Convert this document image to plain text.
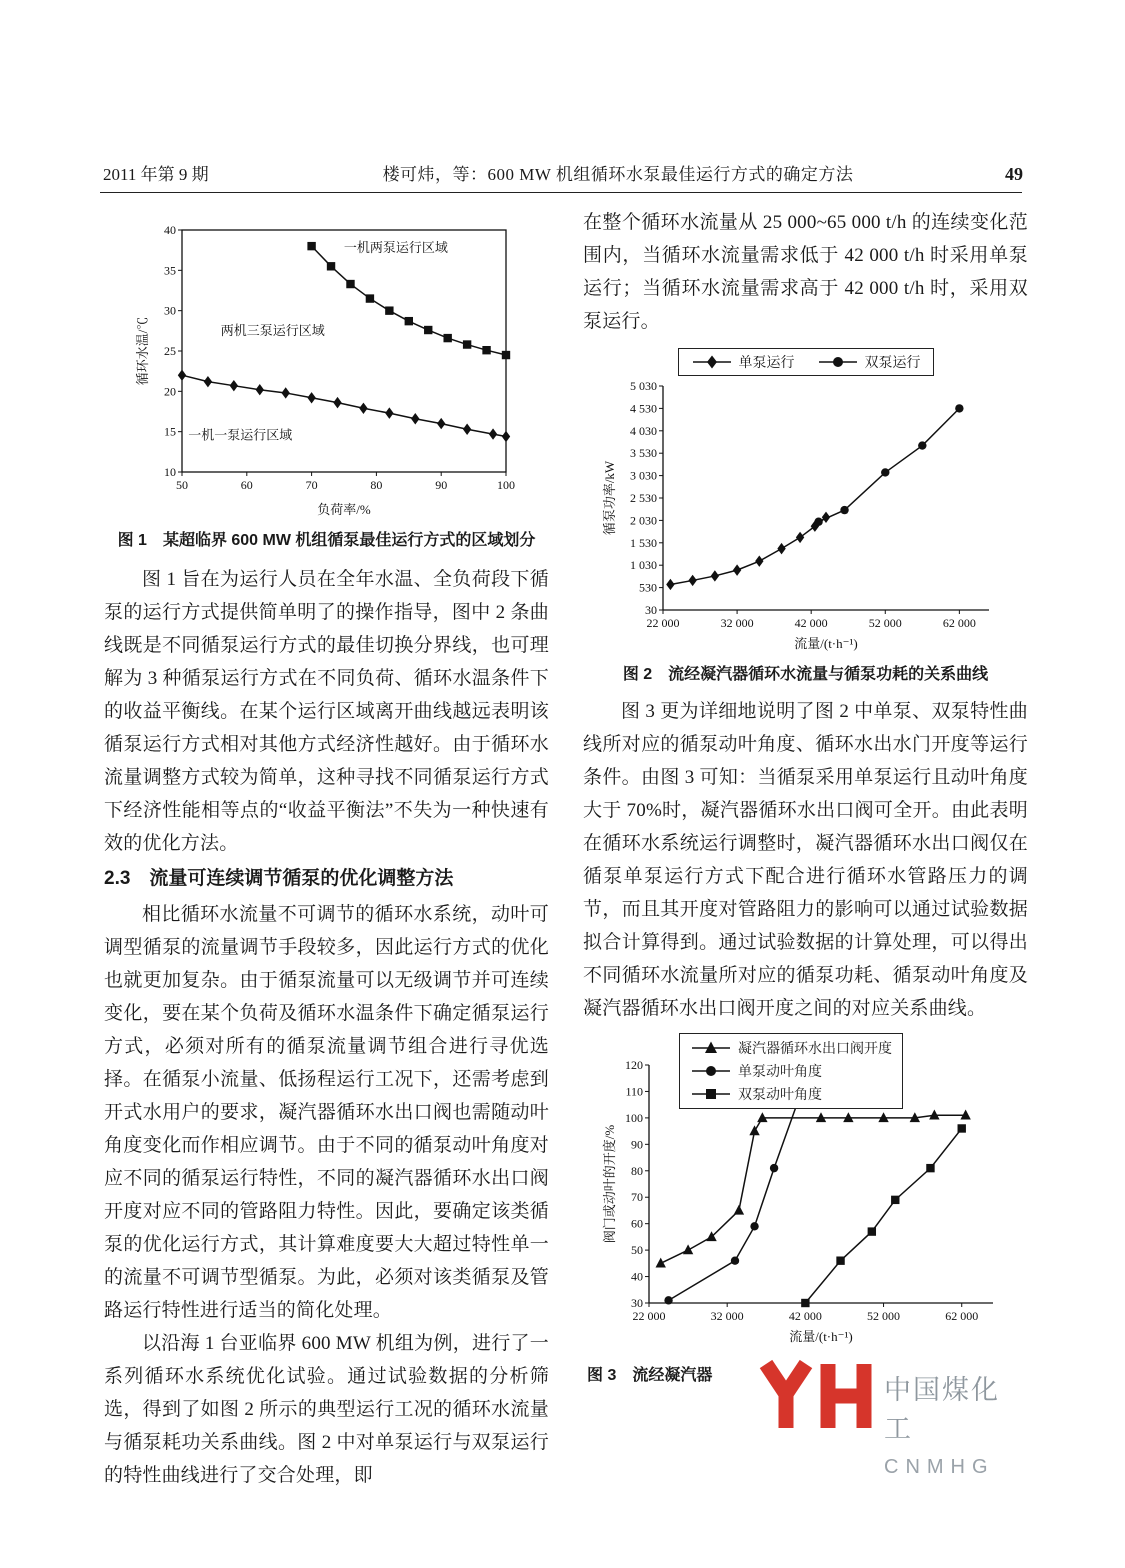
2011 年第 9 期	楼可炜，等：600 MW 机组循环水泵最佳运行方式的确定方法	49
50	60	70	80	90	100
10
15
20
25
30
35
40
负荷率/%
循环水温/℃
一机两泵运行区域
两机三泵运行区域
一机一泵运行区域
图 1　某超临界 600 MW 机组循泵最佳运行方式的区域划分

图 1 旨在为运行人员在全年水温、全负荷段下循泵的运行方式提供简单明了的操作指导，图中 2 条曲线既是不同循泵运行方式的最佳切换分界线，也可理解为 3 种循泵运行方式在不同负荷、循环水温条件下的收益平衡线。在某个运行区域离开曲线越远表明该循泵运行方式相对其他方式经济性越好。由于循环水流量调整方式较为简单，这种寻找不同循泵运行方式下经济性能相等点的“收益平衡法”不失为一种快速有效的优化方法。

2.3　流量可连续调节循泵的优化调整方法

相比循环水流量不可调节的循环水系统，动叶可调型循泵的流量调节手段较多，因此运行方式的优化也就更加复杂。由于循泵流量可以无级调节并可连续变化，要在某个负荷及循环水温条件下确定循泵运行方式，必须对所有的循泵流量调节组合进行寻优选择。在循泵小流量、低扬程运行工况下，还需考虑到开式水用户的要求，凝汽器循环水出口阀也需随动叶角度变化而作相应调节。由于不同的循泵动叶角度对应不同的循泵运行特性，不同的凝汽器循环水出口阀开度对应不同的管路阻力特性。因此，要确定该类循泵的优化运行方式，其计算难度要大大超过特性单一的流量不可调节型循泵。为此，必须对该类循泵及管路运行特性进行适当的简化处理。

以沿海 1 台亚临界 600 MW 机组为例，进行了一系列循环水系统优化试验。通过试验数据的分析筛选，得到了如图 2 所示的典型运行工况的循环水流量与循泵耗功关系曲线。图 2 中对单泵运行与双泵运行的特性曲线进行了交合处理，即

在整个循环水流量从 25 000~65 000 t/h 的连续变化范围内，当循环水流量需求低于 42 000 t/h 时采用单泵运行；当循环水流量需求高于 42 000 t/h 时，采用双泵运行。

单泵运行	双泵运行
22 000	32 000	42 000	52 000	62 000
30
530
1 030
1 530
2 030
2 530
3 030
3 530
4 030
4 530
5 030
流量/(t·h⁻¹)
循泵功率/kW
图 2　流经凝汽器循环水流量与循泵功耗的关系曲线

图 3 更为详细地说明了图 2 中单泵、双泵特性曲线所对应的循泵动叶角度、循环水出水门开度等运行条件。由图 3 可知：当循泵采用单泵运行且动叶角度大于 70%时，凝汽器循环水出口阀可全开。由此表明在循环水系统运行调整时，凝汽器循环水出口阀仅在循泵单泵运行方式下配合进行循环水管路压力的调节，而且其开度对管路阻力的影响可以通过试验数据拟合计算得到。通过试验数据的计算处理，可以得出不同循环水流量所对应的循泵功耗、循泵动叶角度及凝汽器循环水出口阀开度之间的对应关系曲线。

凝汽器循环水出口阀开度
单泵动叶角度
双泵动叶角度
22 000	32 000	42 000	52 000	62 000
30
40
50
60
70
80
90
100
110
120
流量/(t·h⁻¹)
阀门或动叶的开度/%
图 3　流经凝汽器	中国煤化工
CNMHG
